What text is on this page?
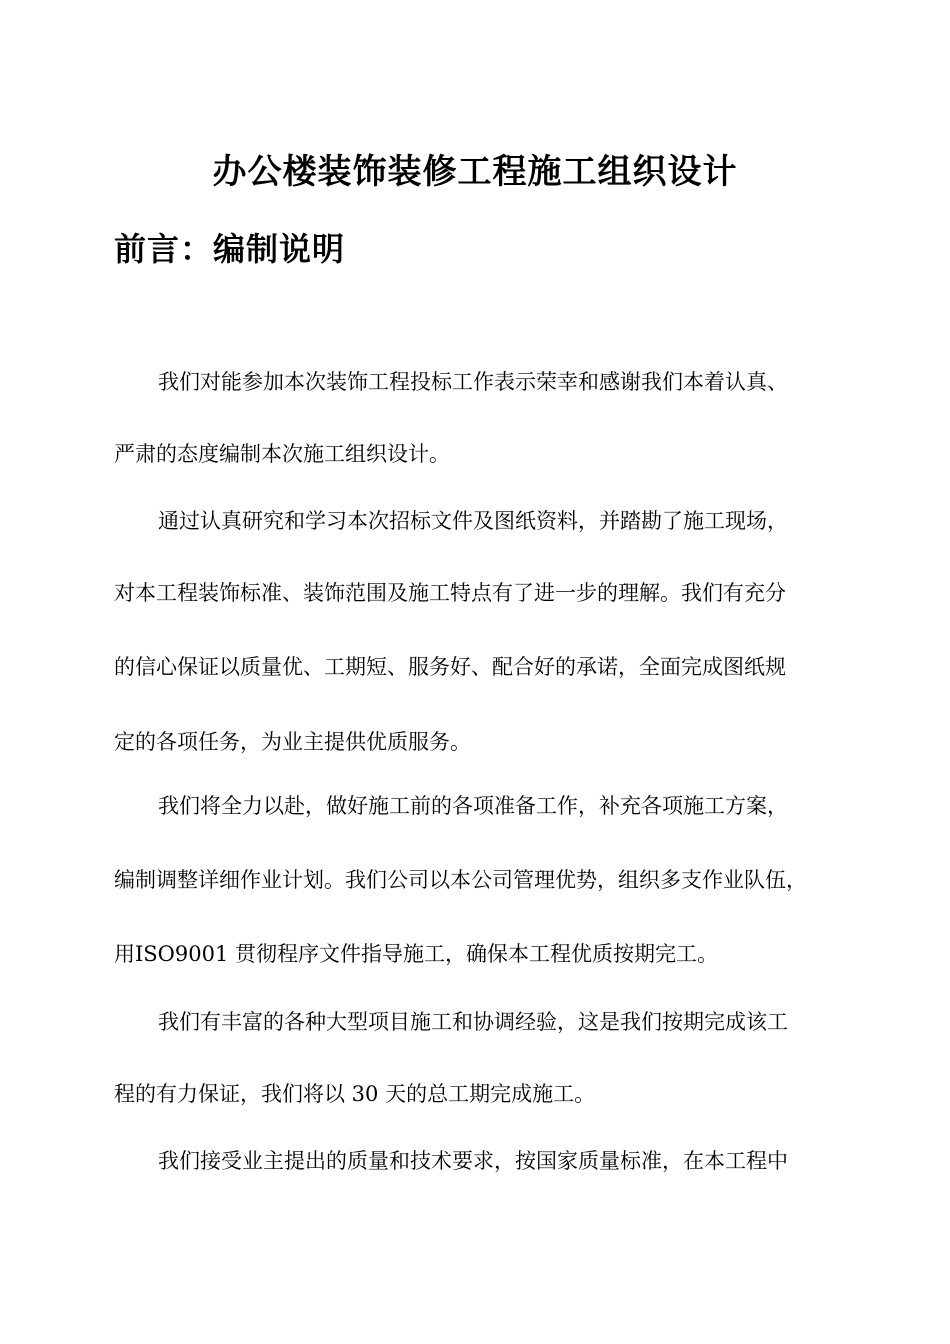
办公楼装饰装修工程施工组织设计
前言：编制说明
我们对能参加本次装饰工程投标工作表示荣幸和感谢我们本着认真、
严肃的态度编制本次施工组织设计。
通过认真研究和学习本次招标文件及图纸资料，并踏勘了施工现场，
对本工程装饰标准、装饰范围及施工特点有了进一步的理解。我们有充分
的信心保证以质量优、工期短、服务好、配合好的承诺，全面完成图纸规
定的各项任务，为业主提供优质服务。
我们将全力以赴，做好施工前的各项准备工作，补充各项施工方案，
编制调整详细作业计划。我们公司以本公司管理优势，组织多支作业队伍，
用ISO9001 贯彻程序文件指导施工，确保本工程优质按期完工。
我们有丰富的各种大型项目施工和协调经验，这是我们按期完成该工
程的有力保证，我们将以 30 天的总工期完成施工。
我们接受业主提出的质量和技术要求，按国家质量标准，在本工程中
